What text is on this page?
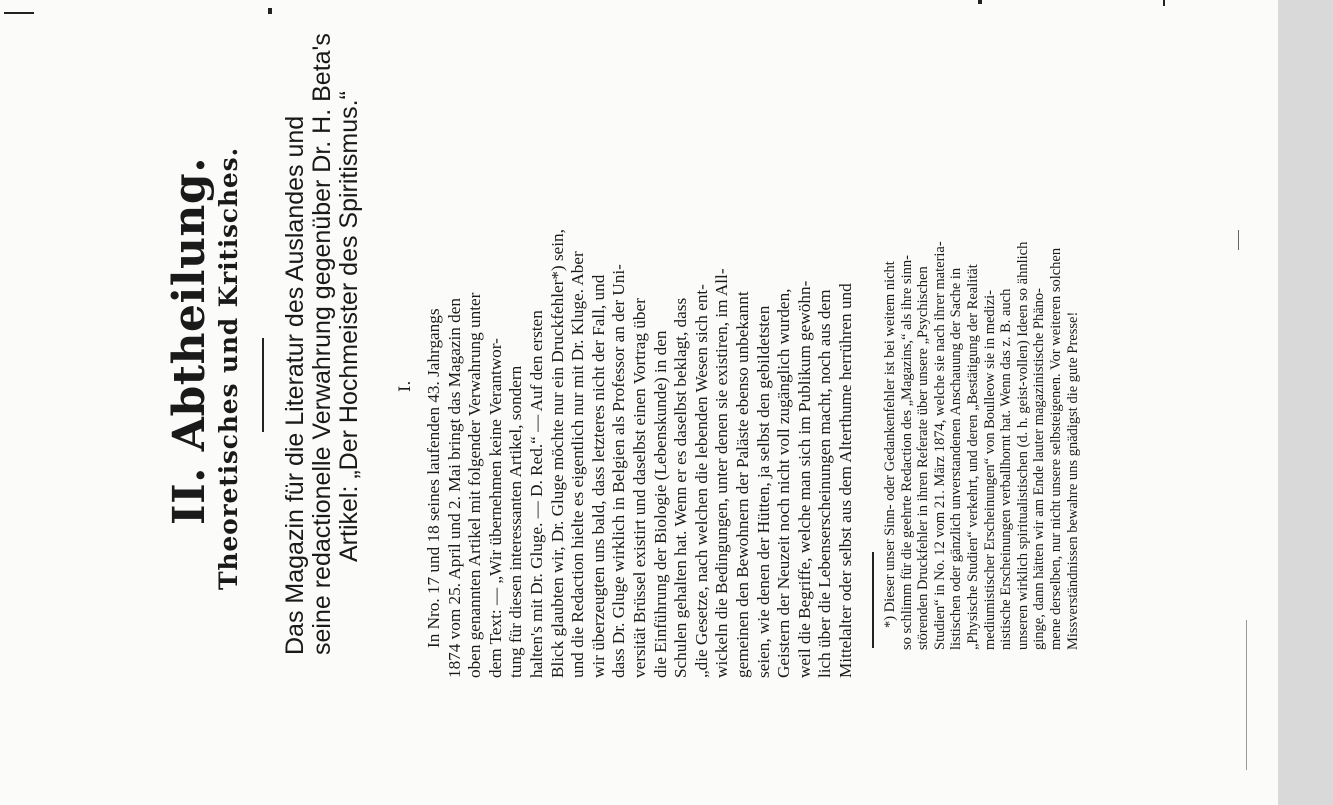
II. Abtheilung. Theoretisches und Kritisches. Das Magazin für die Literatur des Auslandes und seine redactionelle Verwahrung gegenüber Dr. H. Beta's Artikel: „Der Hochmeister des Spiritismus.“ I. In Nro. 17 und 18 seines laufenden 43. Jahrgangs 1874 vom 25. April und 2. Mai bringt das Magazin den oben genannten Artikel mit folgender Verwahrung unter dem Text: — „Wir übernehmen keine Verantwor- tung für diesen interessanten Artikel, sondern halten's mit Dr. Gluge. — D. Red.“ — Auf den ersten Blick glaubten wir, Dr. Gluge möchte nur ein Druckfehler*) sein, und die Redaction hielte es eigentlich nur mit Dr. Kluge. Aber wir überzeugten uns bald, dass letzteres nicht der Fall, und dass Dr. Gluge wirklich in Belgien als Professor an der Uni- versität Brüssel existirt und daselbst einen Vortrag über die Einführung der Biologie (Lebenskunde) in den Schulen gehalten hat. Wenn er es daselbst beklagt, dass „die Gesetze, nach welchen die lebenden Wesen sich ent- wickeln die Bedingungen, unter denen sie existiren, im All- gemeinen den Bewohnern der Paläste ebenso unbekannt seien, wie denen der Hütten, ja selbst den gebildetsten Geistern der Neuzeit noch nicht voll zugänglich wurden, weil die Begriffe, welche man sich im Publikum gewöhn- lich über die Lebenserscheinungen macht, noch aus dem Mittelalter oder selbst aus dem Alterthume herrühren und *) Dieser unser Sinn- oder Gedankenfehler ist bei weitem nicht so schlimm für die geehrte Redaction des „Magazins,“ als ihre sinn- störenden Druckfehler in ihren Referate über unsere „Psychischen Studien“ in No. 12 vom 21. März 1874, welche sie nach ihrer materia- listischen oder gänzlich unverstandenen Anschauung der Sache in „Physische Studien“ verkehrt, und deren „Bestätigung der Realität mediumistischer Erscheinungen“ von Boulleow sie in medizi- nistische Erscheinungen verballhornt hat. Wenn das z. B. auch unseren wirklich spiritualistischen (d. h. geist-vollen) Ideen so ähnlich ginge, dann hätten wir am Ende lauter magazinistische Phäno- mene derselben, nur nicht unsere selbsteigenen. Vor weiteren solchen Missverständnissen bewahre uns gnädigst die gute Presse!
